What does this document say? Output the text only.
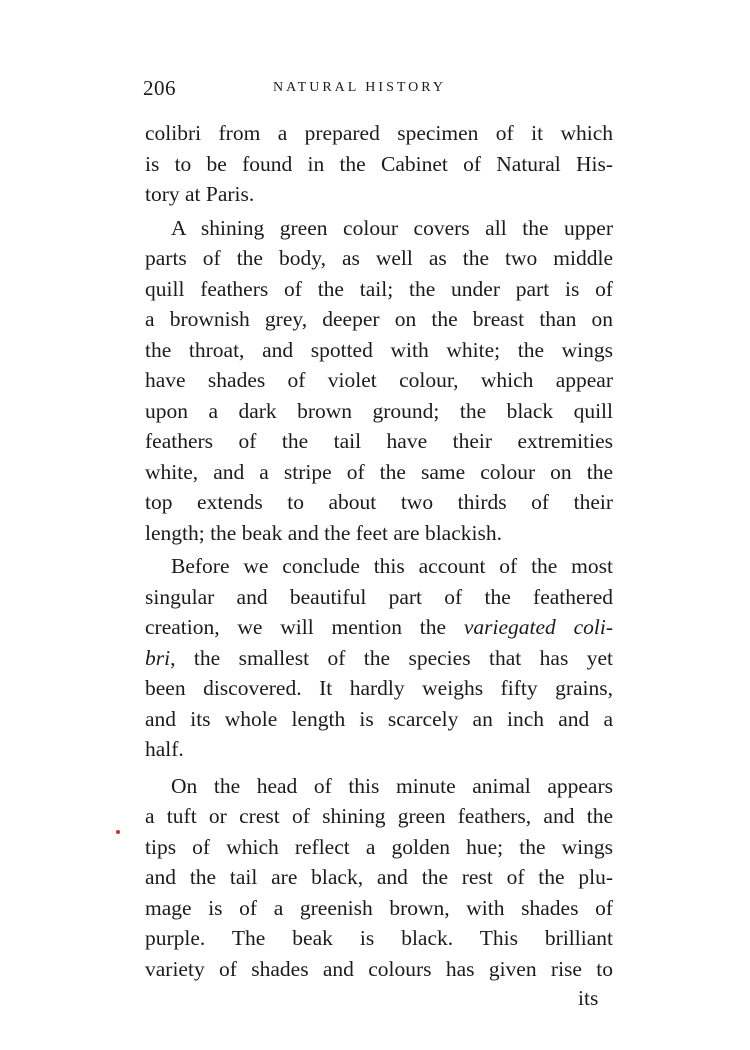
206	NATURAL HISTORY
colibri from a prepared specimen of it which
is to be found in the Cabinet of Natural His-
tory at Paris.
A shining green colour covers all the upper
parts of the body, as well as the two middle
quill feathers of the tail; the under part is of
a brownish grey, deeper on the breast than on
the throat, and spotted with white; the wings
have shades of violet colour, which appear
upon a dark brown ground; the black quill
feathers of the tail have their extremities
white, and a stripe of the same colour on the
top extends to about two thirds of their
length; the beak and the feet are blackish.
Before we conclude this account of the most
singular and beautiful part of the feathered
creation, we will mention the variegated coli-
bri, the smallest of the species that has yet
been discovered. It hardly weighs fifty grains,
and its whole length is scarcely an inch and a
half.
On the head of this minute animal appears
a tuft or crest of shining green feathers, and the
tips of which reflect a golden hue; the wings
and the tail are black, and the rest of the plu-
mage is of a greenish brown, with shades of
purple. The beak is black. This brilliant
variety of shades and colours has given rise to
its
